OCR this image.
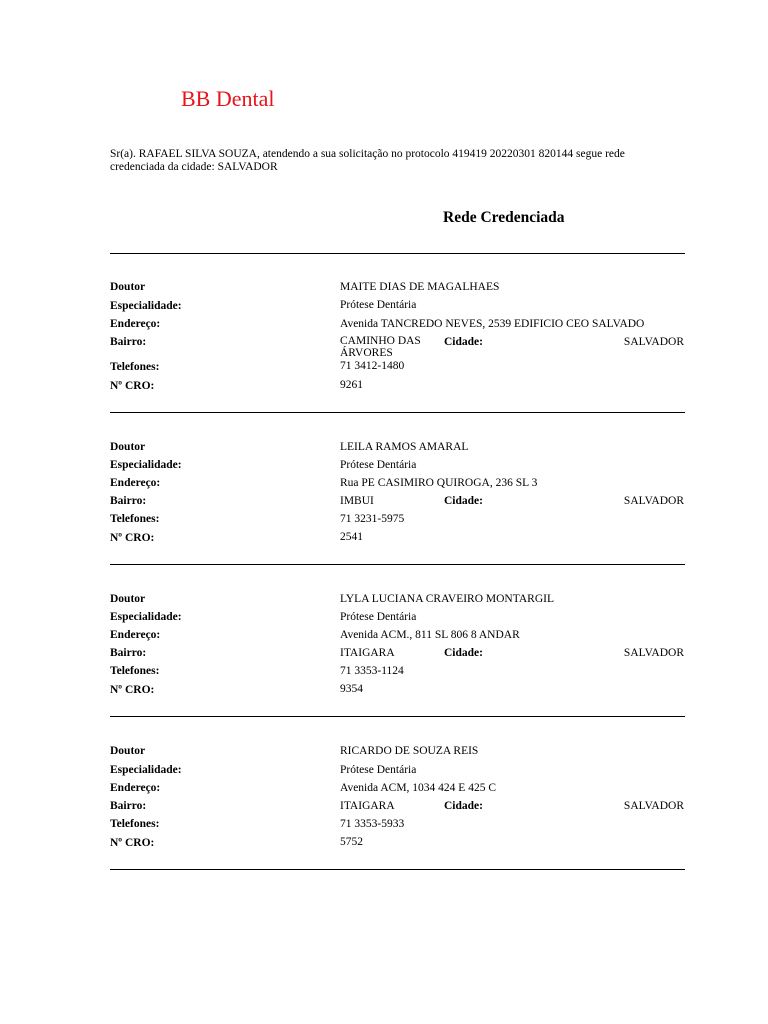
BB Dental
Sr(a). RAFAEL SILVA SOUZA, atendendo a sua solicitação no protocolo 419419 20220301 820144 segue rede credenciada da cidade: SALVADOR
Rede Credenciada
Doutor	MAITE DIAS DE MAGALHAES
Especialidade:	Prótese Dentária
Endereço:	Avenida TANCREDO NEVES, 2539 EDIFICIO CEO SALVADO
Bairro:	CAMINHO DAS ÁRVORES
Cidade:	SALVADOR
Telefones:	71 3412-1480
Nº CRO:	9261
Doutor	LEILA RAMOS AMARAL
Especialidade:	Prótese Dentária
Endereço:	Rua PE CASIMIRO QUIROGA, 236 SL 3
Bairro:	IMBUI	Cidade:	SALVADOR
Telefones:	71 3231-5975
Nº CRO:	2541
Doutor	LYLA LUCIANA CRAVEIRO MONTARGIL
Especialidade:	Prótese Dentária
Endereço:	Avenida ACM., 811 SL 806 8 ANDAR
Bairro:	ITAIGARA	Cidade:	SALVADOR
Telefones:	71 3353-1124
Nº CRO:	9354
Doutor	RICARDO DE SOUZA REIS
Especialidade:	Prótese Dentária
Endereço:	Avenida ACM, 1034 424 E 425 C
Bairro:	ITAIGARA	Cidade:	SALVADOR
Telefones:	71 3353-5933
Nº CRO:	5752
